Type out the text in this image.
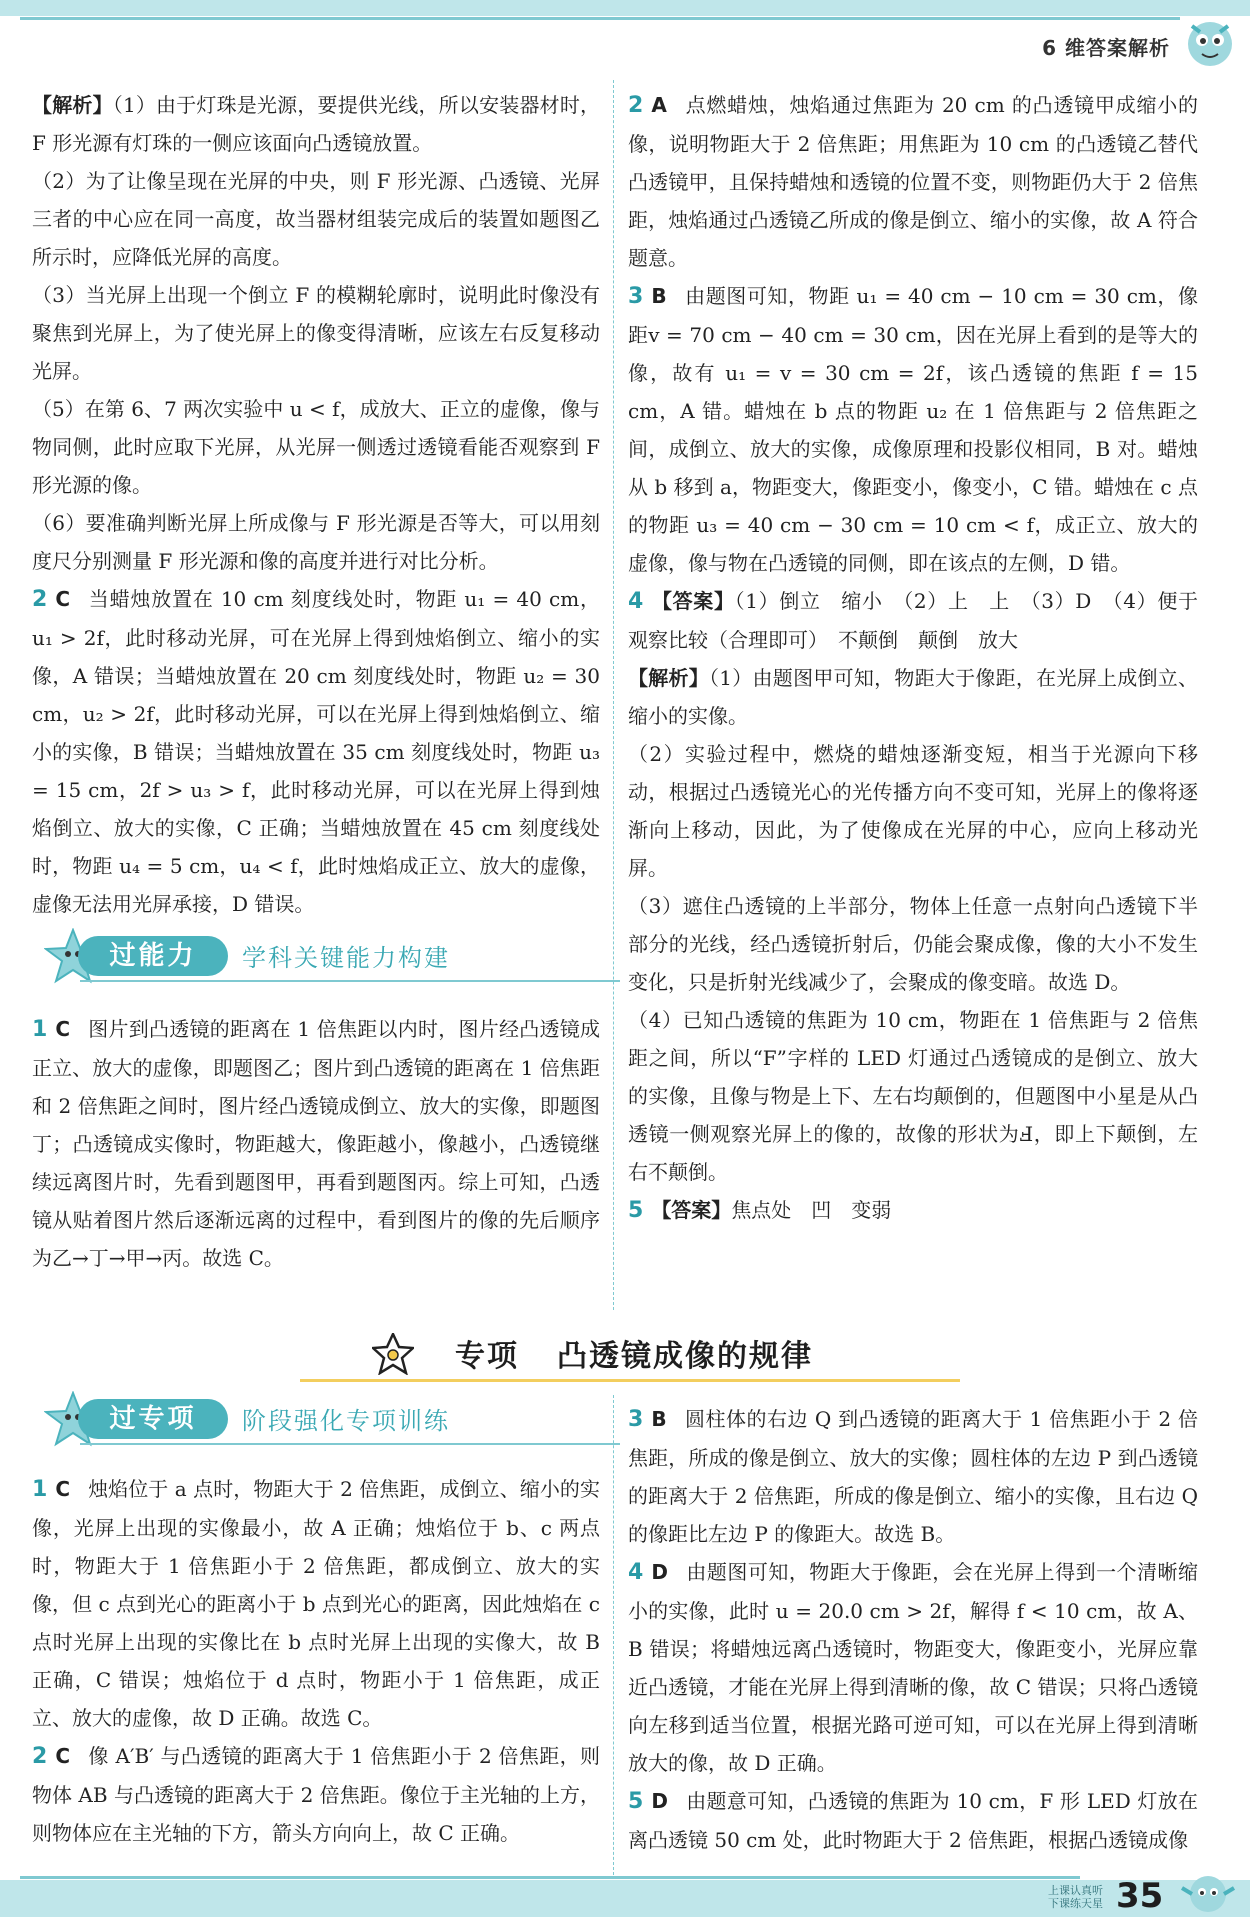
6 维答案解析

【解析】（1）由于灯珠是光源，要提供光线，所以安装器材时，F 形光源有灯珠的一侧应该面向凸透镜放置。

（2）为了让像呈现在光屏的中央，则 F 形光源、凸透镜、光屏三者的中心应在同一高度，故当器材组装完成后的装置如题图乙所示时，应降低光屏的高度。

（3）当光屏上出现一个倒立 F 的模糊轮廓时，说明此时像没有聚焦到光屏上，为了使光屏上的像变得清晰，应该左右反复移动光屏。

（5）在第 6、7 两次实验中 u < f，成放大、正立的虚像，像与物同侧，此时应取下光屏，从光屏一侧透过透镜看能否观察到 F 形光源的像。

（6）要准确判断光屏上所成像与 F 形光源是否等大，可以用刻度尺分别测量 F 形光源和像的高度并进行对比分析。

2 C 当蜡烛放置在 10 cm 刻度线处时，物距 u₁ = 40 cm，u₁ > 2f，此时移动光屏，可在光屏上得到烛焰倒立、缩小的实像，A 错误；当蜡烛放置在 20 cm 刻度线处时，物距 u₂ = 30 cm，u₂ > 2f，此时移动光屏，可以在光屏上得到烛焰倒立、缩小的实像，B 错误；当蜡烛放置在 35 cm 刻度线处时，物距 u₃ = 15 cm，2f > u₃ > f，此时移动光屏，可以在光屏上得到烛焰倒立、放大的实像，C 正确；当蜡烛放置在 45 cm 刻度线处时，物距 u₄ = 5 cm，u₄ < f，此时烛焰成正立、放大的虚像，虚像无法用光屏承接，D 错误。

过能力	学科关键能力构建

1 C 图片到凸透镜的距离在 1 倍焦距以内时，图片经凸透镜成正立、放大的虚像，即题图乙；图片到凸透镜的距离在 1 倍焦距和 2 倍焦距之间时，图片经凸透镜成倒立、放大的实像，即题图丁；凸透镜成实像时，物距越大，像距越小，像越小，凸透镜继续远离图片时，先看到题图甲，再看到题图丙。综上可知，凸透镜从贴着图片然后逐渐远离的过程中，看到图片的像的先后顺序为乙→丁→甲→丙。故选 C。

2 A 点燃蜡烛，烛焰通过焦距为 20 cm 的凸透镜甲成缩小的像，说明物距大于 2 倍焦距；用焦距为 10 cm 的凸透镜乙替代凸透镜甲，且保持蜡烛和透镜的位置不变，则物距仍大于 2 倍焦距，烛焰通过凸透镜乙所成的像是倒立、缩小的实像，故 A 符合题意。

3 B 由题图可知，物距 u₁ = 40 cm − 10 cm = 30 cm，像距v = 70 cm − 40 cm = 30 cm，因在光屏上看到的是等大的像，故有 u₁ = v = 30 cm = 2f，该凸透镜的焦距 f = 15 cm，A 错。蜡烛在 b 点的物距 u₂ 在 1 倍焦距与 2 倍焦距之间，成倒立、放大的实像，成像原理和投影仪相同，B 对。蜡烛从 b 移到 a，物距变大，像距变小，像变小，C 错。蜡烛在 c 点的物距 u₃ = 40 cm − 30 cm = 10 cm < f，成正立、放大的虚像，像与物在凸透镜的同侧，即在该点的左侧，D 错。

4 【答案】（1）倒立　缩小　（2）上　上　（3）D　（4）便于观察比较（合理即可）　不颠倒　颠倒　放大

【解析】（1）由题图甲可知，物距大于像距，在光屏上成倒立、缩小的实像。

（2）实验过程中，燃烧的蜡烛逐渐变短，相当于光源向下移动，根据过凸透镜光心的光传播方向不变可知，光屏上的像将逐渐向上移动，因此，为了使像成在光屏的中心，应向上移动光屏。

（3）遮住凸透镜的上半部分，物体上任意一点射向凸透镜下半部分的光线，经凸透镜折射后，仍能会聚成像，像的大小不发生变化，只是折射光线减少了，会聚成的像变暗。故选 D。

（4）已知凸透镜的焦距为 10 cm，物距在 1 倍焦距与 2 倍焦距之间，所以“F”字样的 LED 灯通过凸透镜成的是倒立、放大的实像，且像与物是上下、左右均颠倒的，但题图中小星是从凸透镜一侧观察光屏上的像的，故像的形状为Ⅎ，即上下颠倒，左右不颠倒。

5 【答案】焦点处　凹　变弱

专项 凸透镜成像的规律
过专项	阶段强化专项训练

1 C 烛焰位于 a 点时，物距大于 2 倍焦距，成倒立、缩小的实像，光屏上出现的实像最小，故 A 正确；烛焰位于 b、c 两点时，物距大于 1 倍焦距小于 2 倍焦距，都成倒立、放大的实像，但 c 点到光心的距离小于 b 点到光心的距离，因此烛焰在 c 点时光屏上出现的实像比在 b 点时光屏上出现的实像大，故 B 正确，C 错误；烛焰位于 d 点时，物距小于 1 倍焦距，成正立、放大的虚像，故 D 正确。故选 C。

2 C 像 A′B′ 与凸透镜的距离大于 1 倍焦距小于 2 倍焦距，则物体 AB 与凸透镜的距离大于 2 倍焦距。像位于主光轴的上方，则物体应在主光轴的下方，箭头方向向上，故 C 正确。

3 B 圆柱体的右边 Q 到凸透镜的距离大于 1 倍焦距小于 2 倍焦距，所成的像是倒立、放大的实像；圆柱体的左边 P 到凸透镜的距离大于 2 倍焦距，所成的像是倒立、缩小的实像，且右边 Q 的像距比左边 P 的像距大。故选 B。

4 D 由题图可知，物距大于像距，会在光屏上得到一个清晰缩小的实像，此时 u = 20.0 cm > 2f，解得 f < 10 cm，故 A、B 错误；将蜡烛远离凸透镜时，物距变大，像距变小，光屏应靠近凸透镜，才能在光屏上得到清晰的像，故 C 错误；只将凸透镜向左移到适当位置，根据光路可逆可知，可以在光屏上得到清晰放大的像，故 D 正确。

5 D 由题意可知，凸透镜的焦距为 10 cm，F 形 LED 灯放在离凸透镜 50 cm 处，此时物距大于 2 倍焦距，根据凸透镜成像

上课认真听
下课练天星 35
